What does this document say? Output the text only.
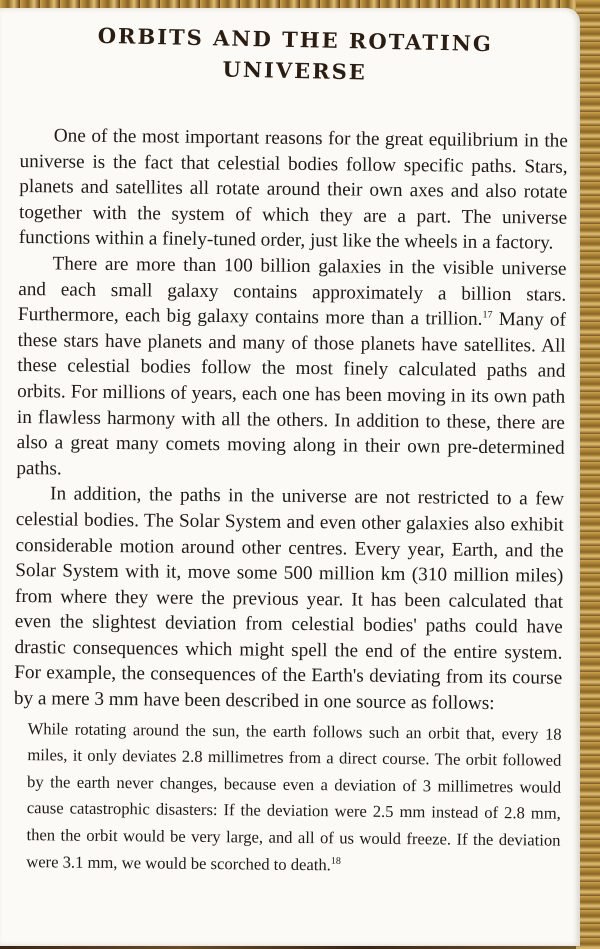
ORBITS AND THE ROTATING UNIVERSE

One of the most important reasons for the great equilibrium in the universe is the fact that celestial bodies follow specific paths. Stars, planets and satellites all rotate around their own axes and also rotate together with the system of which they are a part. The universe functions within a finely-tuned order, just like the wheels in a factory.

There are more than 100 billion galaxies in the visible universe and each small galaxy contains approximately a billion stars. Furthermore, each big galaxy contains more than a trillion.$^{17}$ Many of these stars have planets and many of those planets have satellites. All these celestial bodies follow the most finely calculated paths and orbits. For millions of years, each one has been moving in its own path in flawless harmony with all the others. In addition to these, there are also a great many comets moving along in their own pre-determined paths.

In addition, the paths in the universe are not restricted to a few celestial bodies. The Solar System and even other galaxies also exhibit considerable motion around other centres. Every year, Earth, and the Solar System with it, move some 500 million km (310 million miles) from where they were the previous year. It has been calculated that even the slightest deviation from celestial bodies' paths could have drastic consequences which might spell the end of the entire system. For example, the consequences of the Earth's deviating from its course by a mere 3 mm have been described in one source as follows:

While rotating around the sun, the earth follows such an orbit that, every 18 miles, it only deviates 2.8 millimetres from a direct course. The orbit followed by the earth never changes, because even a deviation of 3 millimetres would cause catastrophic disasters: If the deviation were 2.5 mm instead of 2.8 mm, then the orbit would be very large, and all of us would freeze. If the deviation were 3.1 mm, we would be scorched to death.$^{18}$
